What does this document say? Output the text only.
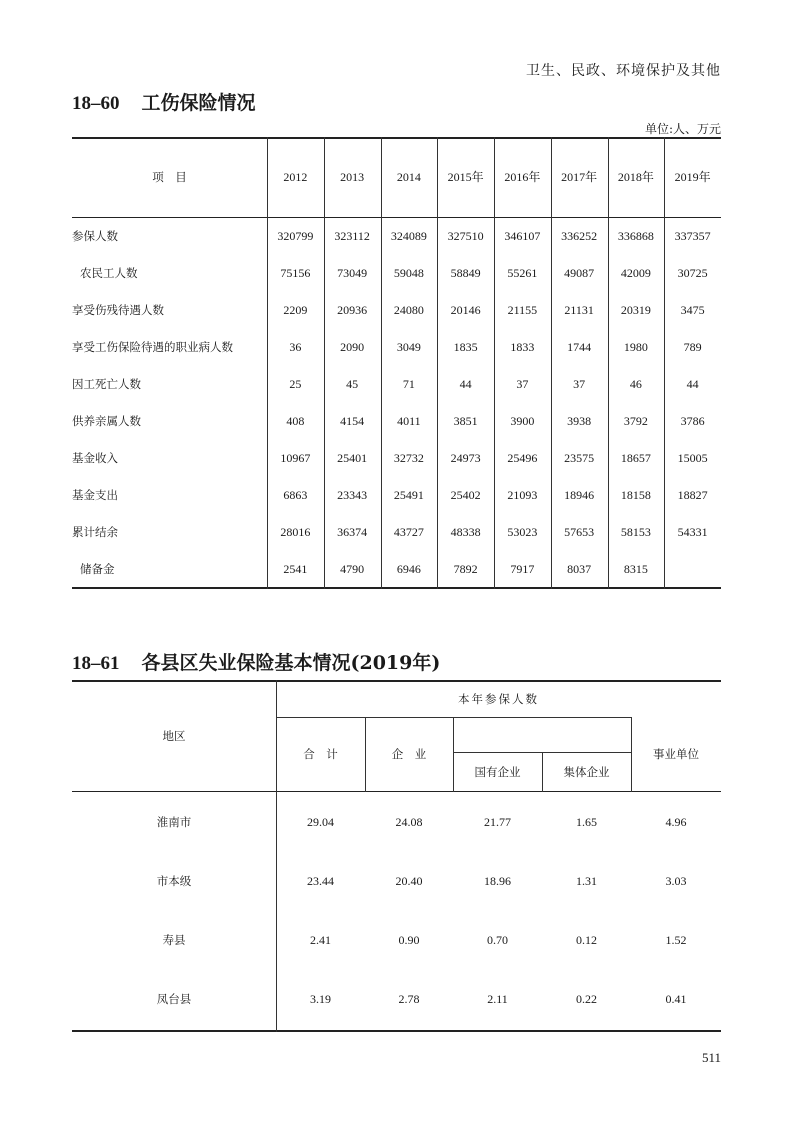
卫生、民政、环境保护及其他
18–60 工伤保险情况
单位:人、万元
项　目	2012	2013	2014	2015年	2016年	2017年	2018年	2019年
参保人数	320799	323112	324089	327510	346107	336252	336868	337357
农民工人数	75156	73049	59048	58849	55261	49087	42009	30725
享受伤残待遇人数	2209	20936	24080	20146	21155	21131	20319	3475
享受工伤保险待遇的职业病人数	36	2090	3049	1835	1833	1744	1980	789
因工死亡人数	25	45	71	44	37	37	46	44
供养亲属人数	408	4154	4011	3851	3900	3938	3792	3786
基金收入	10967	25401	32732	24973	25496	23575	18657	15005
基金支出	6863	23343	25491	25402	21093	18946	18158	18827
累计结余	28016	36374	43727	48338	53023	57653	58153	54331
储备金	2541	4790	6946	7892	7917	8037	8315
18–61 各县区失业保险基本情况(2019年)
地区
本年参保人数
合　计	企　业
国有企业	集体企业
事业单位
淮南市	29.04	24.08	21.77	1.65	4.96
市本级	23.44	20.40	18.96	1.31	3.03
寿县	2.41	0.90	0.70	0.12	1.52
凤台县	3.19	2.78	2.11	0.22	0.41
511
